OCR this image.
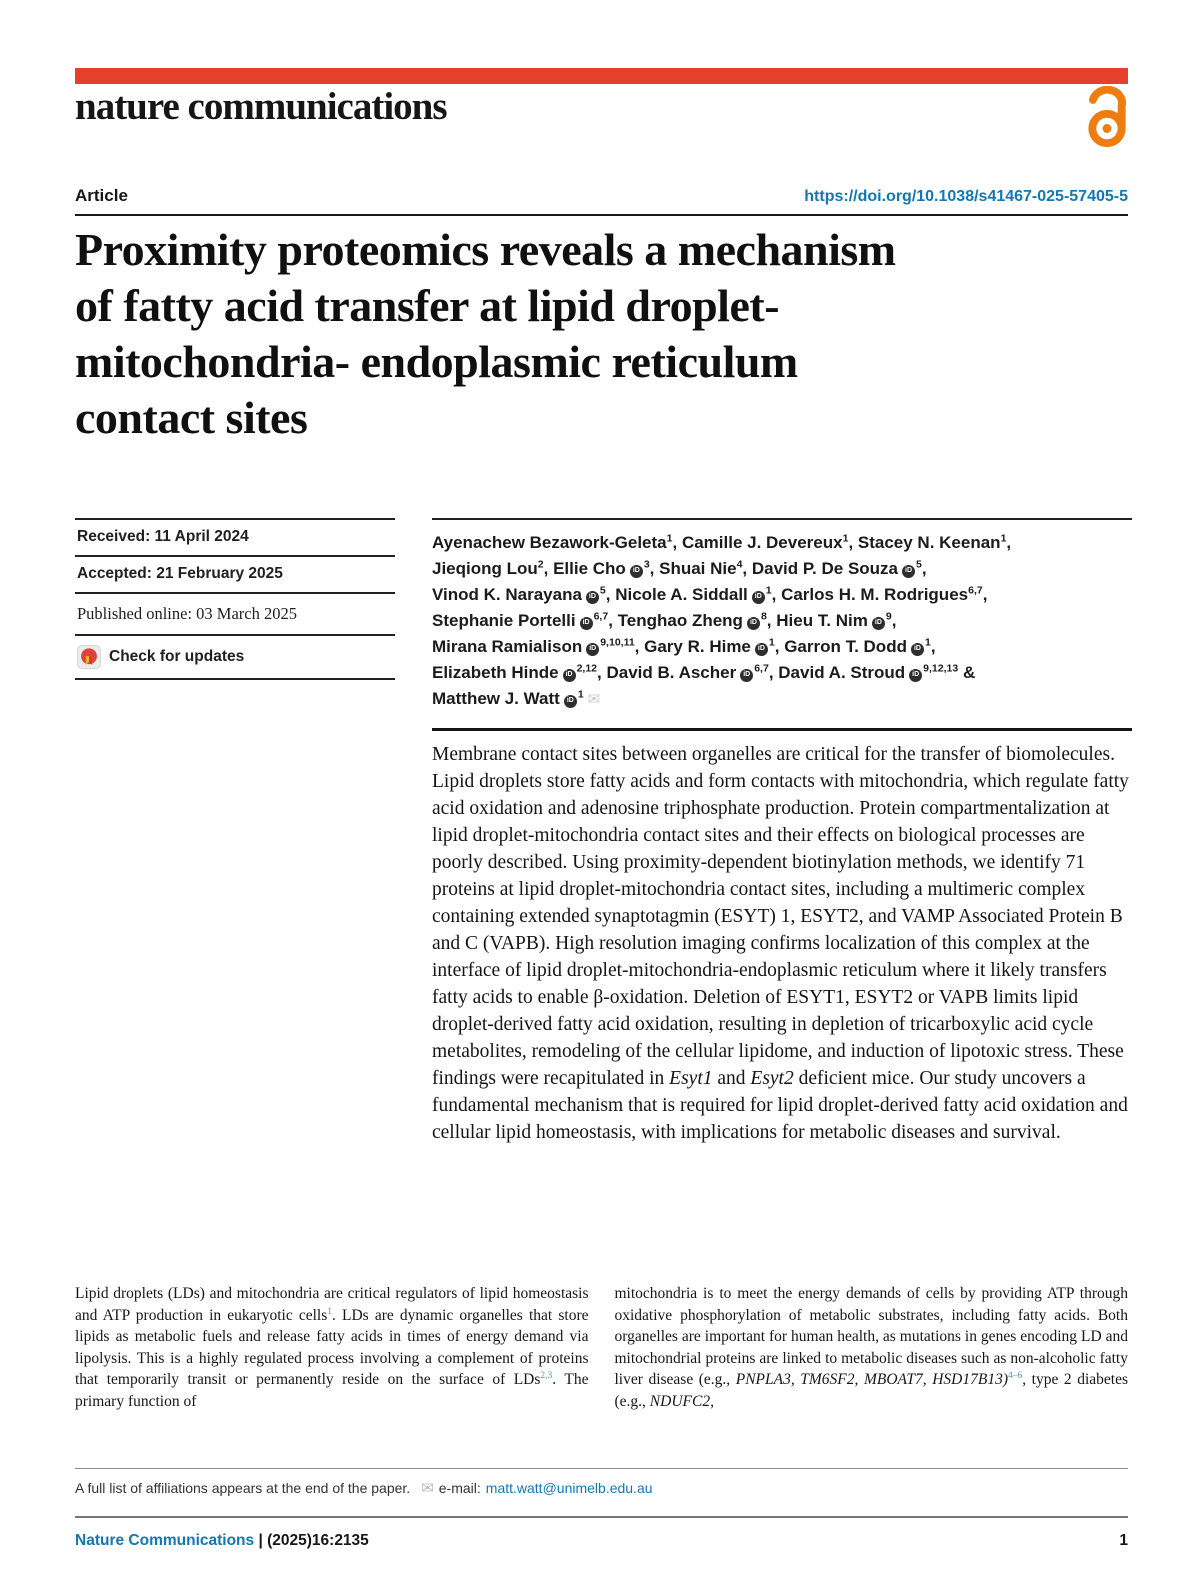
nature communications
Article	https://doi.org/10.1038/s41467-025-57405-5
Proximity proteomics reveals a mechanism
of fatty acid transfer at lipid droplet-
mitochondria- endoplasmic reticulum
contact sites
Received: 11 April 2024
Accepted: 21 February 2025
Published online: 03 March 2025
Check for updates
Ayenachew Bezawork-Geleta$^1$, Camille J. Devereux$^1$, Stacey N. Keenan$^1$,
Jieqiong Lou$^2$, Ellie Cho $iD^3$, Shuai Nie$^4$, David P. De Souza $iD^5$,
Vinod K. Narayana $iD^5$, Nicole A. Siddall $iD^1$, Carlos H. M. Rodrigues$^{6,7}$,
Stephanie Portelli iD$^{6,7}$, Tenghao Zheng $iD^8$, Hieu T. Nim $iD^9$,
Mirana Ramialison iD$^{9,10,11}$, Gary R. Hime $iD^1$, Garron T. Dodd $iD^1$,
Elizabeth Hinde iD$^{2,12}$, David B. Ascher iD$^{6,7}$, David A. Stroud iD$^{9,12,13}$ &
Matthew J. Watt $iD^1$ ✉
Membrane contact sites between organelles are critical for the transfer of biomolecules. Lipid droplets store fatty acids and form contacts with mitochondria, which regulate fatty acid oxidation and adenosine triphosphate production. Protein compartmentalization at lipid droplet-mitochondria contact sites and their effects on biological processes are poorly described. Using proximity-dependent biotinylation methods, we identify 71 proteins at lipid droplet-mitochondria contact sites, including a multimeric complex containing extended synaptotagmin (ESYT) 1, ESYT2, and VAMP Associated Protein B and C (VAPB). High resolution imaging confirms localization of this complex at the interface of lipid droplet-mitochondria-endoplasmic reticulum where it likely transfers fatty acids to enable β-oxidation. Deletion of ESYT1, ESYT2 or VAPB limits lipid droplet-derived fatty acid oxidation, resulting in depletion of tricarboxylic acid cycle metabolites, remodeling of the cellular lipidome, and induction of lipotoxic stress. These findings were recapitulated in Esyt1 and Esyt2 deficient mice. Our study uncovers a fundamental mechanism that is required for lipid droplet-derived fatty acid oxidation and cellular lipid homeostasis, with implications for metabolic diseases and survival.

Lipid droplets (LDs) and mitochondria are critical regulators of lipid homeostasis and ATP production in eukaryotic cells$^1$. LDs are dynamic organelles that store lipids as metabolic fuels and release fatty acids in times of energy demand via lipolysis. This is a highly regulated process involving a complement of proteins that temporarily transit or permanently reside on the surface of LDs$^{2,3}$. The primary function of

mitochondria is to meet the energy demands of cells by providing ATP through oxidative phosphorylation of metabolic substrates, including fatty acids. Both organelles are important for human health, as mutations in genes encoding LD and mitochondrial proteins are linked to metabolic diseases such as non-alcoholic fatty liver disease (e.g., PNPLA3, TM6SF2, MBOAT7, HSD17B13)$^{4-6}$, type 2 diabetes (e.g., NDUFC2,

A full list of affiliations appears at the end of the paper. ✉ e-mail: matt.watt@unimelb.edu.au
Nature Communications | (2025)16:2135	1
